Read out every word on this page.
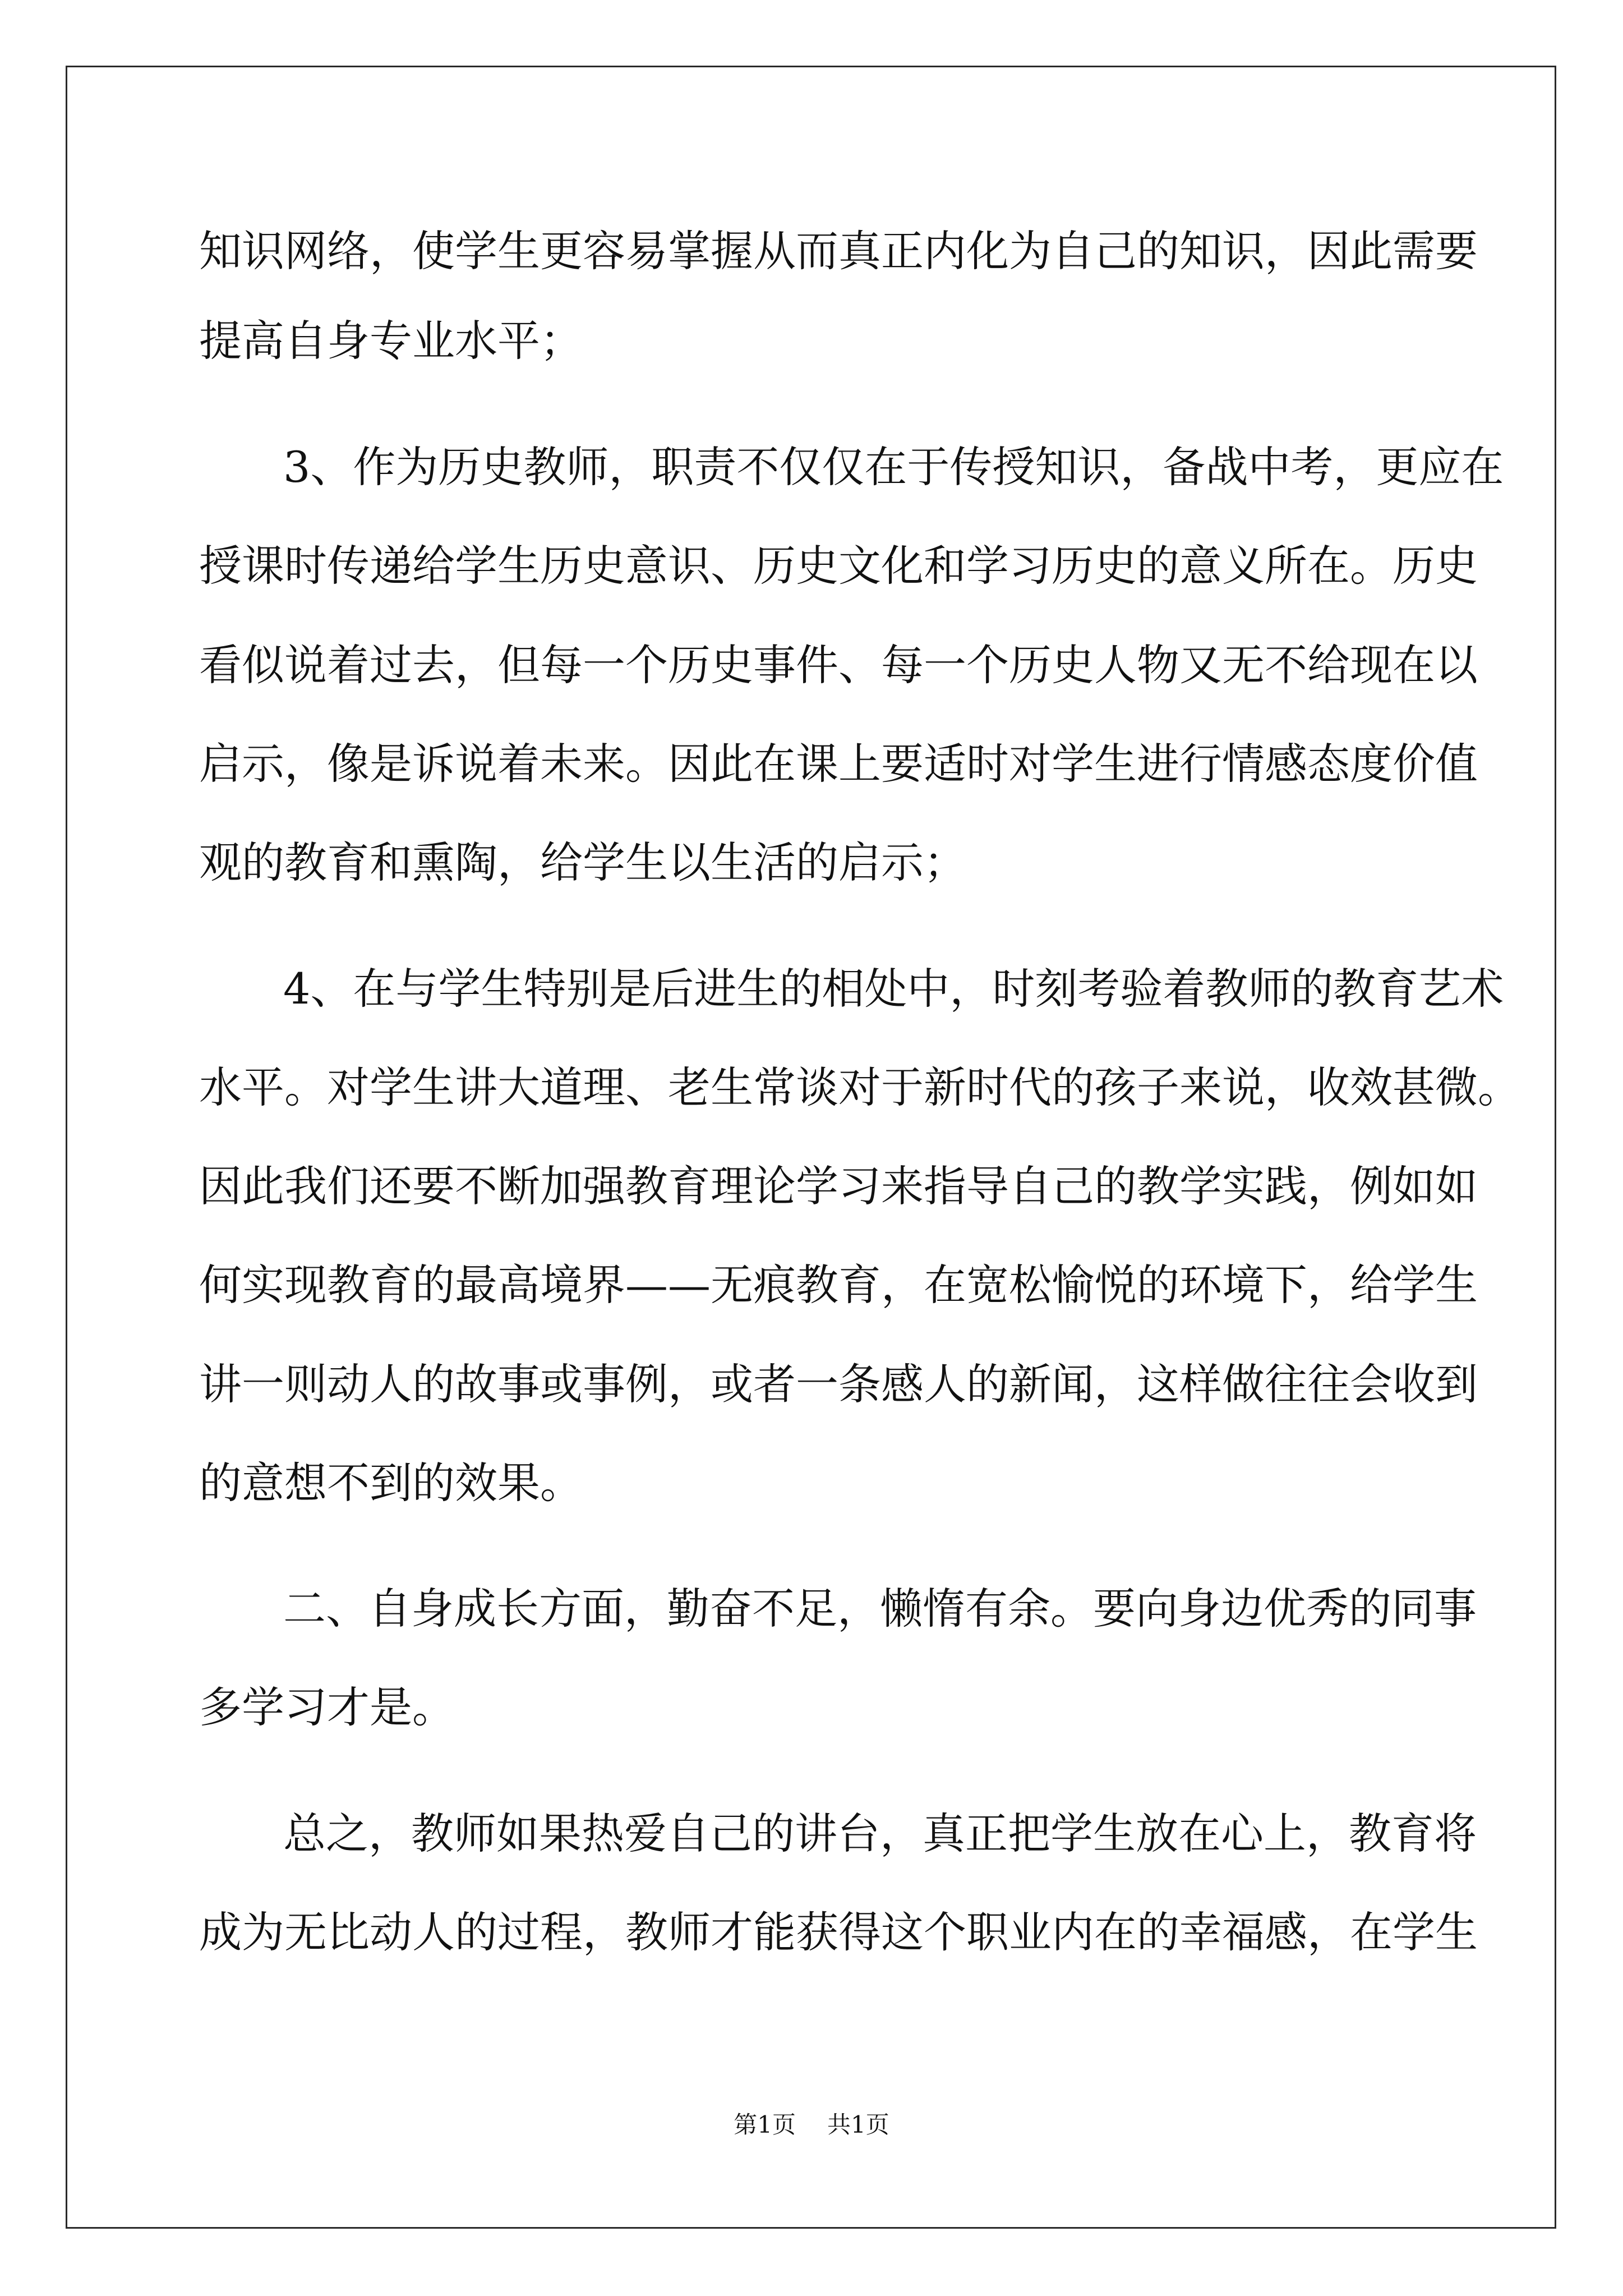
知识网络，使学生更容易掌握从而真正内化为自己的知识，因此需要
提高自身专业水平；
3、作为历史教师，职责不仅仅在于传授知识，备战中考，更应在
授课时传递给学生历史意识、历史文化和学习历史的意义所在。历史
看似说着过去，但每一个历史事件、每一个历史人物又无不给现在以
启示，像是诉说着未来。因此在课上要适时对学生进行情感态度价值
观的教育和熏陶，给学生以生活的启示；
4、在与学生特别是后进生的相处中，时刻考验着教师的教育艺术
水平。对学生讲大道理、老生常谈对于新时代的孩子来说，收效甚微。
因此我们还要不断加强教育理论学习来指导自己的教学实践，例如如
何实现教育的最高境界——无痕教育，在宽松愉悦的环境下，给学生
讲一则动人的故事或事例，或者一条感人的新闻，这样做往往会收到
的意想不到的效果。
二、自身成长方面，勤奋不足，懒惰有余。要向身边优秀的同事
多学习才是。
总之，教师如果热爱自己的讲台，真正把学生放在心上，教育将
成为无比动人的过程，教师才能获得这个职业内在的幸福感，在学生
第1页 共1页
